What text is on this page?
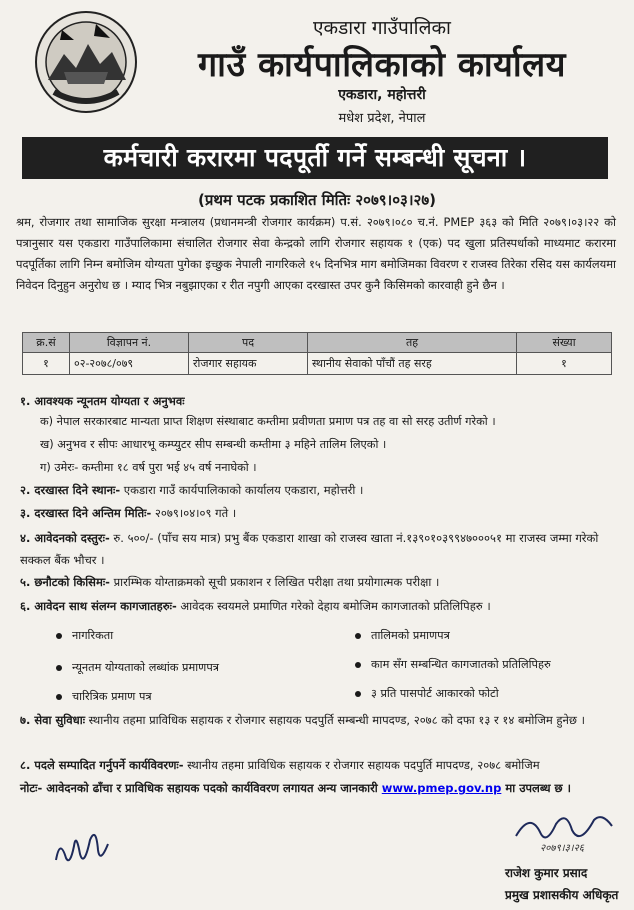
एकडारा गाउँपालिका
गाउँ कार्यपालिकाको कार्यालय
एकडारा, महोत्तरी
मधेश प्रदेश, नेपाल
कर्मचारी करारमा पदपूर्ती गर्ने सम्बन्धी सूचना ।
(प्रथम पटक प्रकाशित मितिः २०७९।०३।२७)
श्रम, रोजगार तथा सामाजिक सुरक्षा मन्त्रालय (प्रधानमन्त्री रोजगार कार्यक्रम) प.सं. २०७९।०८० च.नं. PMEP ३६३ को मिति २०७९।०३।२२ को पत्रानुसार यस एकडारा गाउँपालिकामा संचालित रोजगार सेवा केन्द्रको लागि रोजगार सहायक १ (एक) पद खुला प्रतिस्पर्धाको माध्यमाट करारमा पदपूर्तिका लागि निम्न बमोजिम योग्यता पुगेका इच्छुक नेपाली नागरिकले १५ दिनभित्र माग बमोजिमका विवरण र राजस्व तिरेका रसिद यस कार्यलयमा निवेदन दिनुहुन अनुरोध छ । म्याद भित्र नबुझाएका र रीत नपुगी आएका दरखास्त उपर कुनै किसिमको कारवाही हुने छैन ।
क्र.सं	विज्ञापन नं.	पद	तह	संख्या
१	०२-२०७८/०७९	रोजगार सहायक	स्थानीय सेवाको पाँचौं तह सरह	१
१. आवश्यक न्यूनतम योग्यता र अनुभवः
क) नेपाल सरकारबाट मान्यता प्राप्त शिक्षण संस्थाबाट कम्तीमा प्रवीणता प्रमाण पत्र तह वा सो सरह उतीर्ण गरेको ।
ख) अनुभव र सीपः आधारभू कम्प्युटर सीप सम्बन्धी कम्तीमा ३ महिने तालिम लिएको ।
ग) उमेरः- कम्तीमा १८ वर्ष पुरा भई ४५ वर्ष ननाघेको ।
२. दरखास्त दिने स्थानः- एकडारा गाउँ कार्यपालिकाको कार्यालय एकडारा, महोत्तरी ।
३. दरखास्त दिने अन्तिम मितिः- २०७९।०४।०९ गते ।
४. आवेदनको दस्तुरः- रु. ५००/- (पाँच सय मात्र) प्रभु बैंक एकडारा शाखा को राजस्व खाता नं.१३९०१०३९९४७०००५१ मा राजस्व जम्मा गरेको सक्कल बैंक भौचर ।
५. छनौटको किसिमः- प्रारम्भिक योग्ताक्रमको सूची प्रकाशन र लिखित परीक्षा तथा प्रयोगात्मक परीक्षा ।
६. आवेदन साथ संलग्न कागजातहरुः- आवेदक स्वयमले प्रमाणित गरेको देहाय बमोजिम कागजातको प्रतिलिपिहरु ।
नागरिकता
न्यूनतम योग्यताको लब्धांक प्रमाणपत्र
चारित्रिक प्रमाण पत्र
तालिमको प्रमाणपत्र
काम सँग सम्बन्धित कागजातको प्रतिलिपिहरु
३ प्रति पासपोर्ट आकारको फोटो
७. सेवा सुविधाः स्थानीय तहमा प्राविधिक सहायक र रोजगार सहायक पदपुर्ति सम्बन्धी मापदण्ड, २०७८ को दफा १३ र १४ बमोजिम हुनेछ ।
८. पदले सम्पादित गर्नुपर्ने कार्यविवरणः- स्थानीय तहमा प्राविधिक सहायक र रोजगार सहायक पदपुर्ति मापदण्ड, २०७८ बमोजिम
नोटः- आवेदनको ढाँचा र प्राविधिक सहायक पदको कार्यविवरण लगायत अन्य जानकारी www.pmep.gov.np मा उपलब्ध छ ।
२०७९।३।२६
राजेश कुमार प्रसाद
प्रमुख प्रशासकीय अधिकृत
